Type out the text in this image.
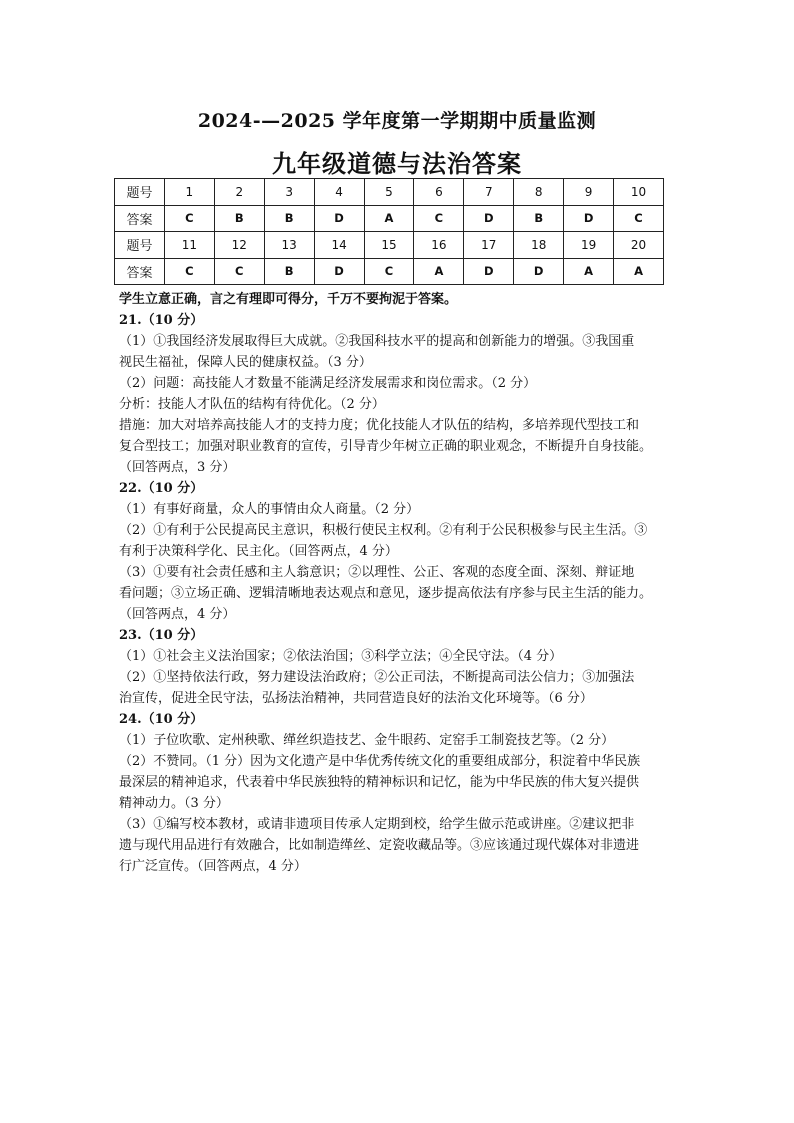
2024-—2025 学年度第一学期期中质量监测
九年级道德与法治答案
题号	1	2	3	4	5	6	7	8	9	10
答案	C	B	B	D	A	C	D	B	D	C
题号	11	12	13	14	15	16	17	18	19	20
答案	C	C	B	D	C	A	D	D	A	A
学生立意正确，言之有理即可得分，千万不要拘泥于答案。
21.（10 分）
（1）①我国经济发展取得巨大成就。②我国科技水平的提高和创新能力的增强。③我国重
视民生福祉，保障人民的健康权益。（3 分）
（2）问题：高技能人才数量不能满足经济发展需求和岗位需求。（2 分）
分析：技能人才队伍的结构有待优化。（2 分）
措施：加大对培养高技能人才的支持力度；优化技能人才队伍的结构，多培养现代型技工和
复合型技工；加强对职业教育的宣传，引导青少年树立正确的职业观念，不断提升自身技能。
（回答两点，3 分）
22.（10 分）
（1）有事好商量，众人的事情由众人商量。（2 分）
（2）①有利于公民提高民主意识，积极行使民主权利。②有利于公民积极参与民主生活。③
有利于决策科学化、民主化。（回答两点，4 分）
（3）①要有社会责任感和主人翁意识；②以理性、公正、客观的态度全面、深刻、辩证地
看问题；③立场正确、逻辑清晰地表达观点和意见，逐步提高依法有序参与民主生活的能力。
（回答两点，4 分）
23.（10 分）
（1）①社会主义法治国家；②依法治国；③科学立法；④全民守法。（4 分）
（2）①坚持依法行政，努力建设法治政府；②公正司法，不断提高司法公信力；③加强法
治宣传，促进全民守法，弘扬法治精神，共同营造良好的法治文化环境等。（6 分）
24.（10 分）
（1）子位吹歌、定州秧歌、缂丝织造技艺、金牛眼药、定窑手工制瓷技艺等。（2 分）
（2）不赞同。（1 分）因为文化遗产是中华优秀传统文化的重要组成部分，积淀着中华民族
最深层的精神追求，代表着中华民族独特的精神标识和记忆，能为中华民族的伟大复兴提供
精神动力。（3 分）
（3）①编写校本教材，或请非遗项目传承人定期到校，给学生做示范或讲座。②建议把非
遗与现代用品进行有效融合，比如制造缂丝、定瓷收藏品等。③应该通过现代媒体对非遗进
行广泛宣传。（回答两点，4 分）
